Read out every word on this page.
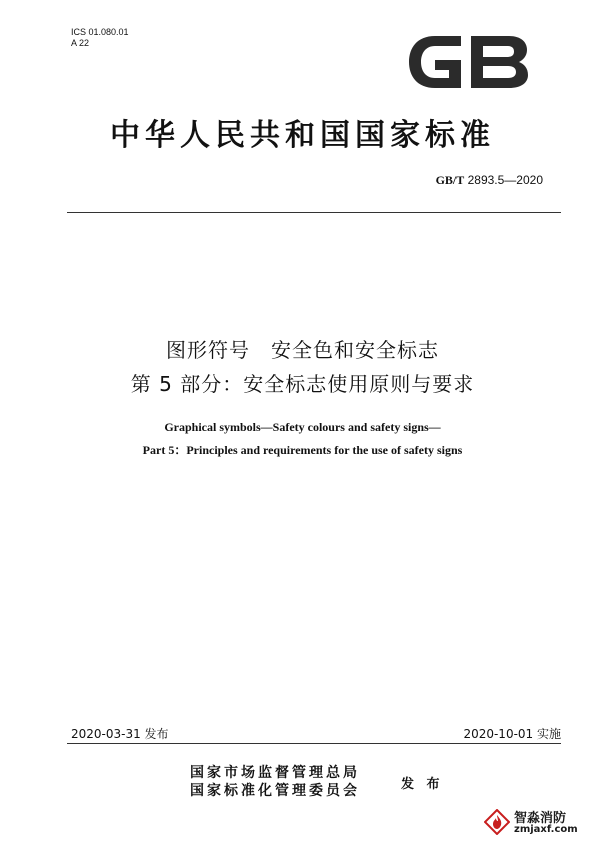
ICS 01.080.01
A 22
中华人民共和国国家标准
GB/T 2893.5—2020
图形符号　安全色和安全标志
第 5 部分：安全标志使用原则与要求
Graphical symbols—Safety colours and safety signs—
Part 5：Principles and requirements for the use of safety signs
2020-03-31 发布	2020-10-01 实施
国家市场监督管理总局
国家标准化管理委员会	发 布
智淼消防
zmjaxf.com
